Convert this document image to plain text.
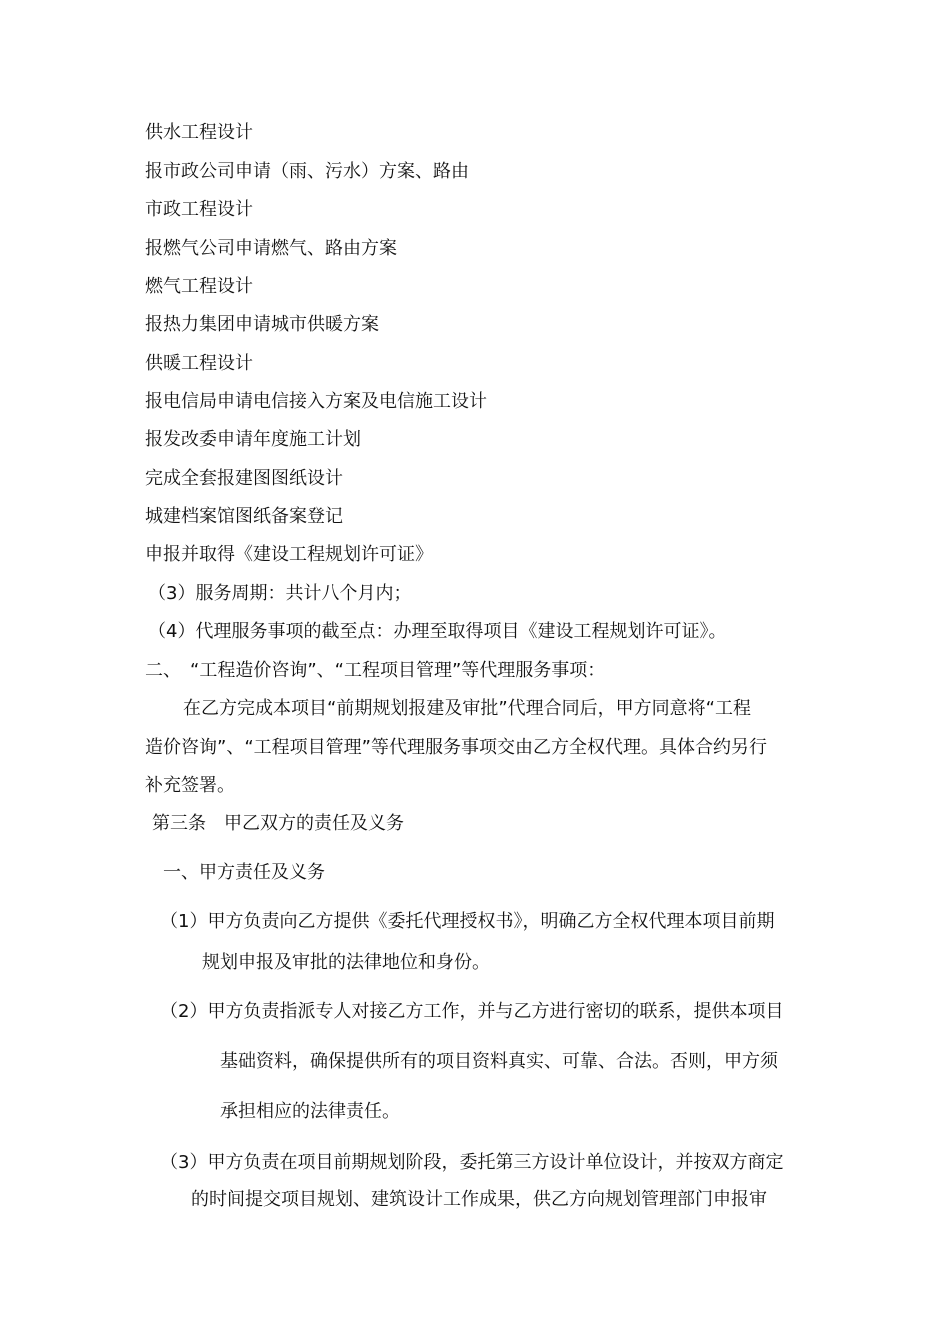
供水工程设计

报市政公司申请（雨、污水）方案、路由

市政工程设计

报燃气公司申请燃气、路由方案

燃气工程设计

报热力集团申请城市供暖方案

供暖工程设计

报电信局申请电信接入方案及电信施工设计

报发改委申请年度施工计划

完成全套报建图图纸设计

城建档案馆图纸备案登记

申报并取得《建设工程规划许可证》

（3）服务周期：共计八个月内；

（4）代理服务事项的截至点：办理至取得项目《建设工程规划许可证》。

二、　“工程造价咨询”、“工程项目管理”等代理服务事项：

在乙方完成本项目“前期规划报建及审批”代理合同后，甲方同意将“工程

造价咨询”、“工程项目管理”等代理服务事项交由乙方全权代理。具体合约另行

补充签署。

第三条　甲乙双方的责任及义务

一、甲方责任及义务

（1）甲方负责向乙方提供《委托代理授权书》，明确乙方全权代理本项目前期

规划申报及审批的法律地位和身份。

（2）甲方负责指派专人对接乙方工作，并与乙方进行密切的联系，提供本项目

基础资料，确保提供所有的项目资料真实、可靠、合法。否则，甲方须

承担相应的法律责任。

（3）甲方负责在项目前期规划阶段，委托第三方设计单位设计，并按双方商定

的时间提交项目规划、建筑设计工作成果，供乙方向规划管理部门申报审
